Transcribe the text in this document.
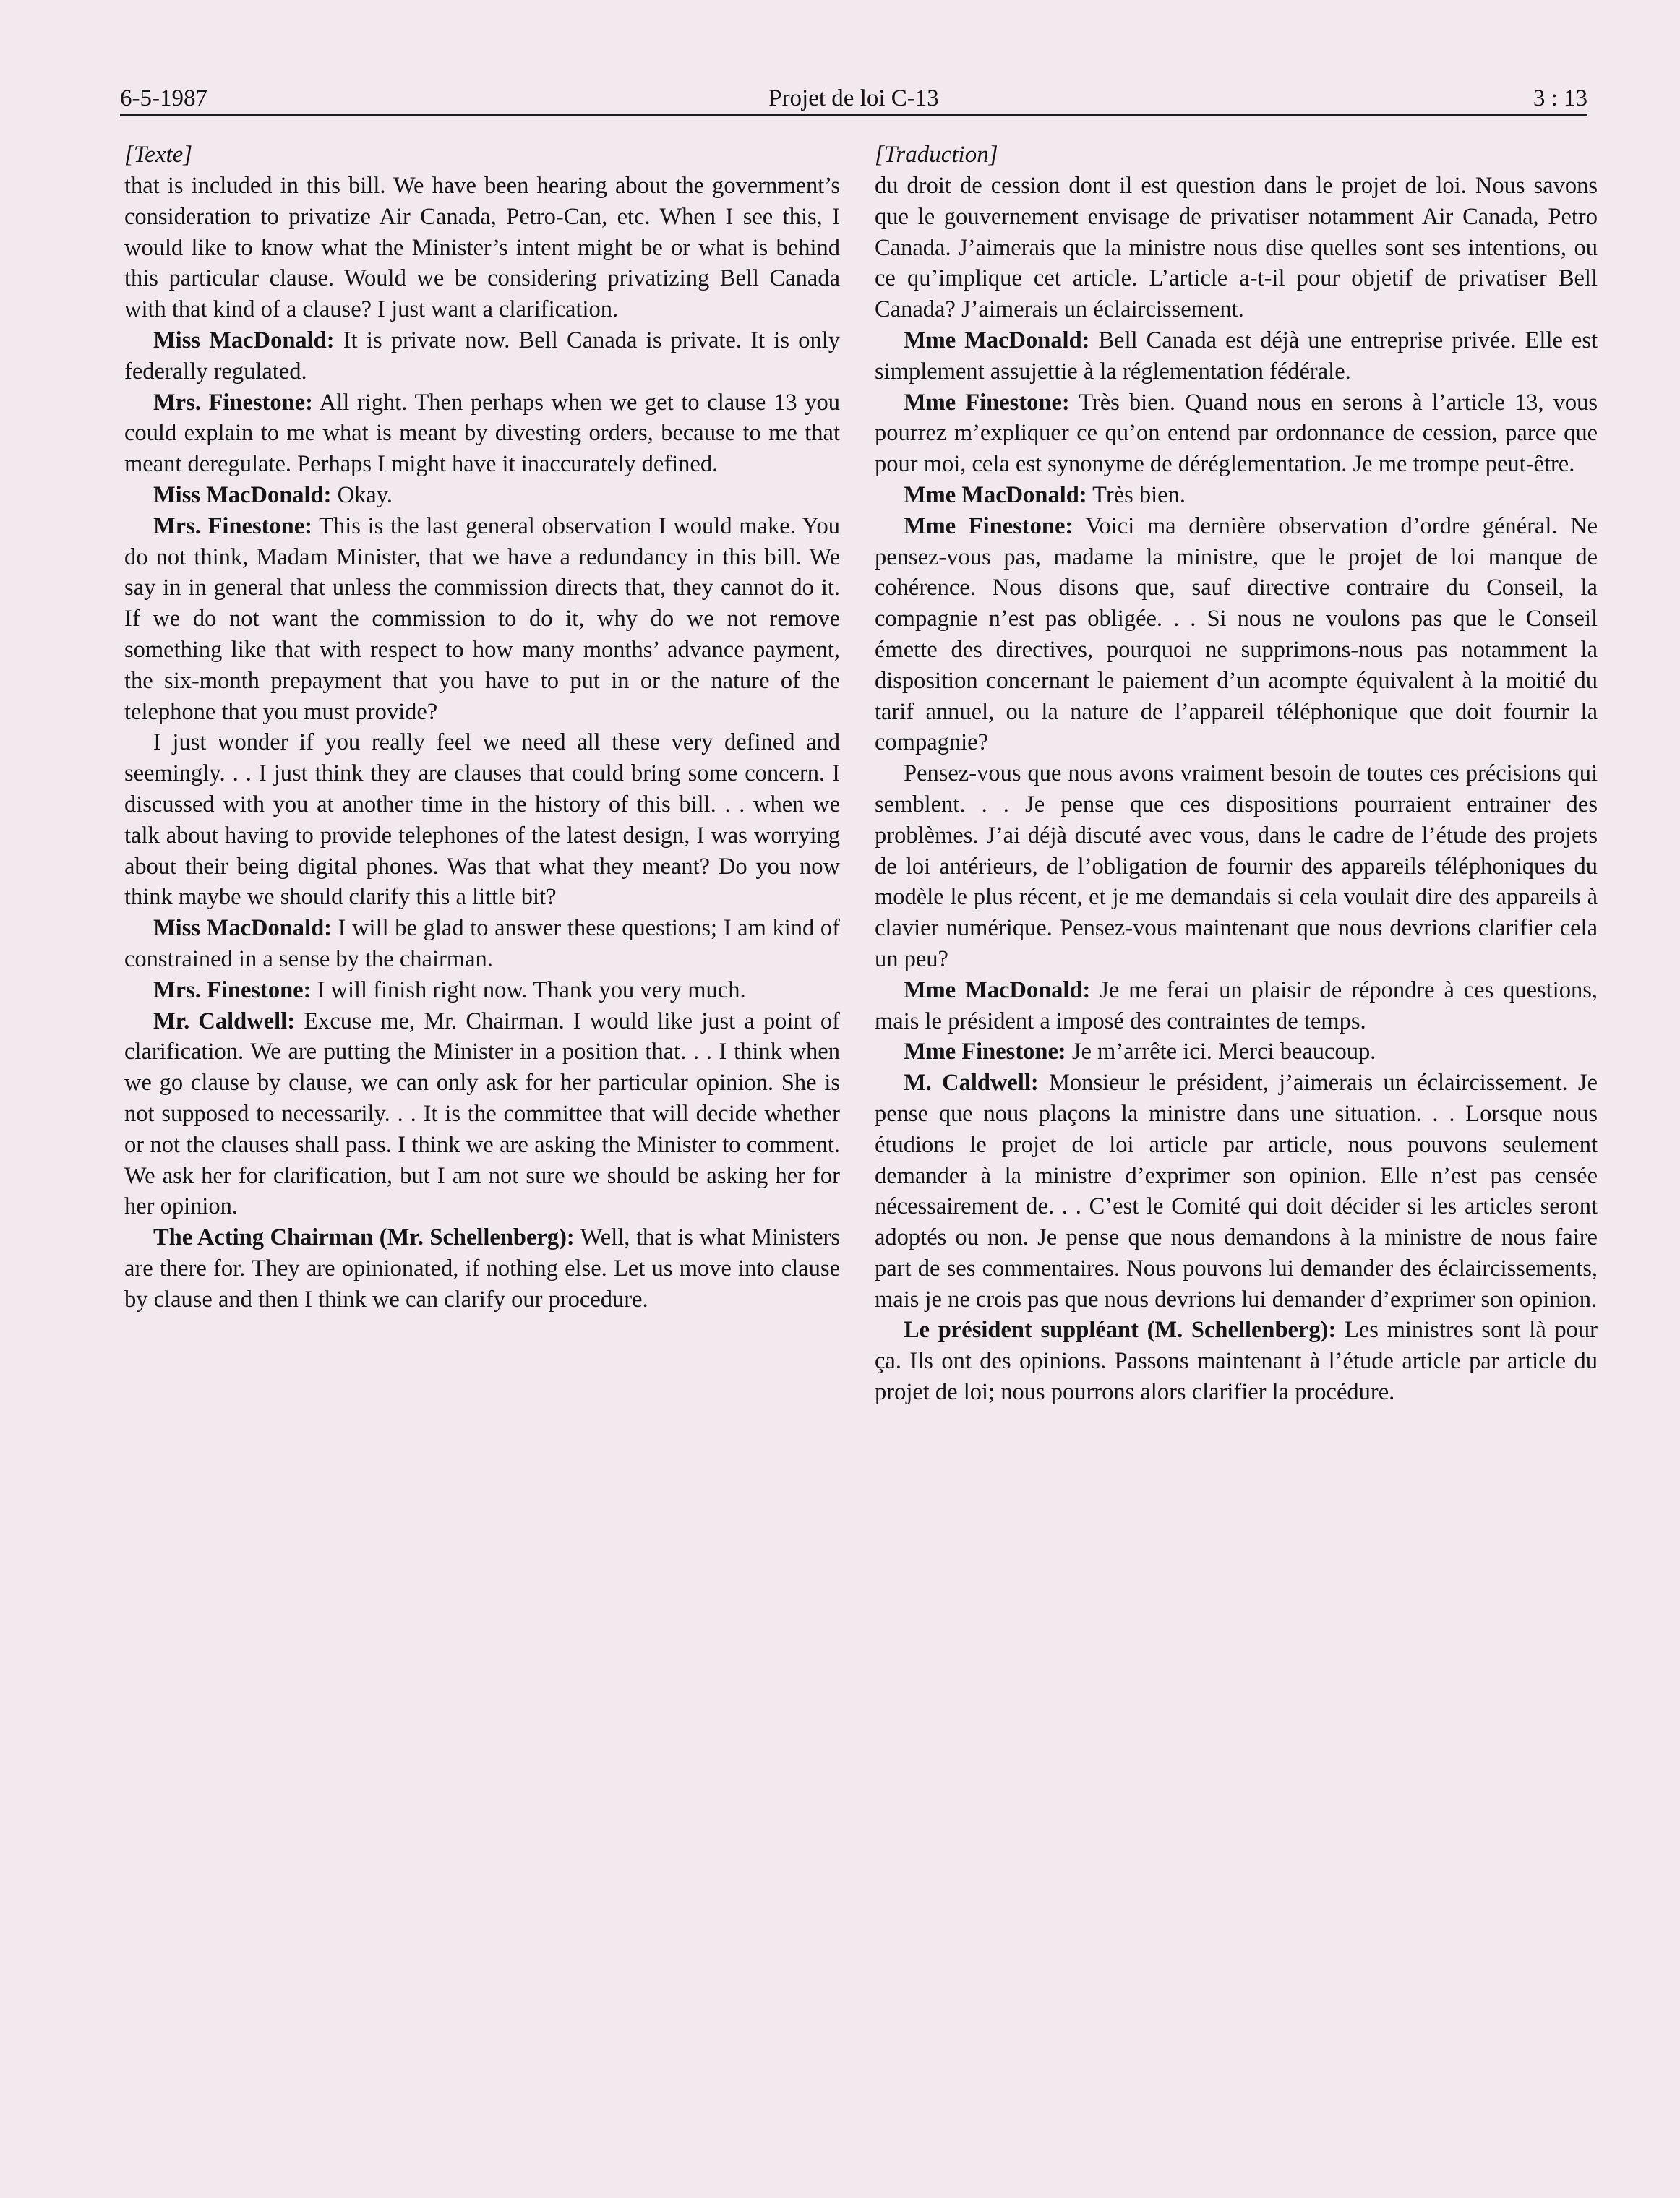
6-5-1987	Projet de loi C-13	3 : 13
[Texte]

that is included in this bill. We have been hearing about the government’s consideration to privatize Air Canada, Petro-Can, etc. When I see this, I would like to know what the Minister’s intent might be or what is behind this particular clause. Would we be considering privatizing Bell Canada with that kind of a clause? I just want a clarification.

Miss MacDonald: It is private now. Bell Canada is private. It is only federally regulated.

Mrs. Finestone: All right. Then perhaps when we get to clause 13 you could explain to me what is meant by divesting orders, because to me that meant deregulate. Perhaps I might have it inaccurately defined.

Miss MacDonald: Okay.

Mrs. Finestone: This is the last general observation I would make. You do not think, Madam Minister, that we have a redundancy in this bill. We say in in general that unless the commission directs that, they cannot do it. If we do not want the commission to do it, why do we not remove something like that with respect to how many months’ advance payment, the six-month prepayment that you have to put in or the nature of the telephone that you must provide?

I just wonder if you really feel we need all these very defined and seemingly. . . I just think they are clauses that could bring some concern. I discussed with you at another time in the history of this bill. . . when we talk about having to provide telephones of the latest design, I was worrying about their being digital phones. Was that what they meant? Do you now think maybe we should clarify this a little bit?

Miss MacDonald: I will be glad to answer these questions; I am kind of constrained in a sense by the chairman.

Mrs. Finestone: I will finish right now. Thank you very much.

Mr. Caldwell: Excuse me, Mr. Chairman. I would like just a point of clarification. We are putting the Minister in a position that. . . I think when we go clause by clause, we can only ask for her particular opinion. She is not supposed to necessarily. . . It is the committee that will decide whether or not the clauses shall pass. I think we are asking the Minister to comment. We ask her for clarification, but I am not sure we should be asking her for her opinion.

The Acting Chairman (Mr. Schellenberg): Well, that is what Ministers are there for. They are opinionated, if nothing else. Let us move into clause by clause and then I think we can clarify our procedure.

[Traduction]

du droit de cession dont il est question dans le projet de loi. Nous savons que le gouvernement envisage de privatiser notamment Air Canada, Petro Canada. J’aimerais que la ministre nous dise quelles sont ses intentions, ou ce qu’implique cet article. L’article a-t-il pour objetif de privatiser Bell Canada? J’aimerais un éclaircissement.

Mme MacDonald: Bell Canada est déjà une entreprise privée. Elle est simplement assujettie à la réglementation fédérale.

Mme Finestone: Très bien. Quand nous en serons à l’article 13, vous pourrez m’expliquer ce qu’on entend par ordonnance de cession, parce que pour moi, cela est synonyme de déréglementation. Je me trompe peut-être.

Mme MacDonald: Très bien.

Mme Finestone: Voici ma dernière observation d’ordre général. Ne pensez-vous pas, madame la ministre, que le projet de loi manque de cohérence. Nous disons que, sauf directive contraire du Conseil, la compagnie n’est pas obligée. . . Si nous ne voulons pas que le Conseil émette des directives, pourquoi ne supprimons-nous pas notamment la disposition concernant le paiement d’un acompte équivalent à la moitié du tarif annuel, ou la nature de l’appareil téléphonique que doit fournir la compagnie?

Pensez-vous que nous avons vraiment besoin de toutes ces précisions qui semblent. . . Je pense que ces dispositions pourraient entrainer des problèmes. J’ai déjà discuté avec vous, dans le cadre de l’étude des projets de loi antérieurs, de l’obligation de fournir des appareils téléphoniques du modèle le plus récent, et je me demandais si cela voulait dire des appareils à clavier numérique. Pensez-vous maintenant que nous devrions clarifier cela un peu?

Mme MacDonald: Je me ferai un plaisir de répondre à ces questions, mais le président a imposé des contraintes de temps.

Mme Finestone: Je m’arrête ici. Merci beaucoup.

M. Caldwell: Monsieur le président, j’aimerais un éclaircissement. Je pense que nous plaçons la ministre dans une situation. . . Lorsque nous étudions le projet de loi article par article, nous pouvons seulement demander à la ministre d’exprimer son opinion. Elle n’est pas censée nécessairement de. . . C’est le Comité qui doit décider si les articles seront adoptés ou non. Je pense que nous demandons à la ministre de nous faire part de ses commentaires. Nous pouvons lui demander des éclaircissements, mais je ne crois pas que nous devrions lui demander d’exprimer son opinion.

Le président suppléant (M. Schellenberg): Les ministres sont là pour ça. Ils ont des opinions. Passons maintenant à l’étude article par article du projet de loi; nous pourrons alors clarifier la procédure.
